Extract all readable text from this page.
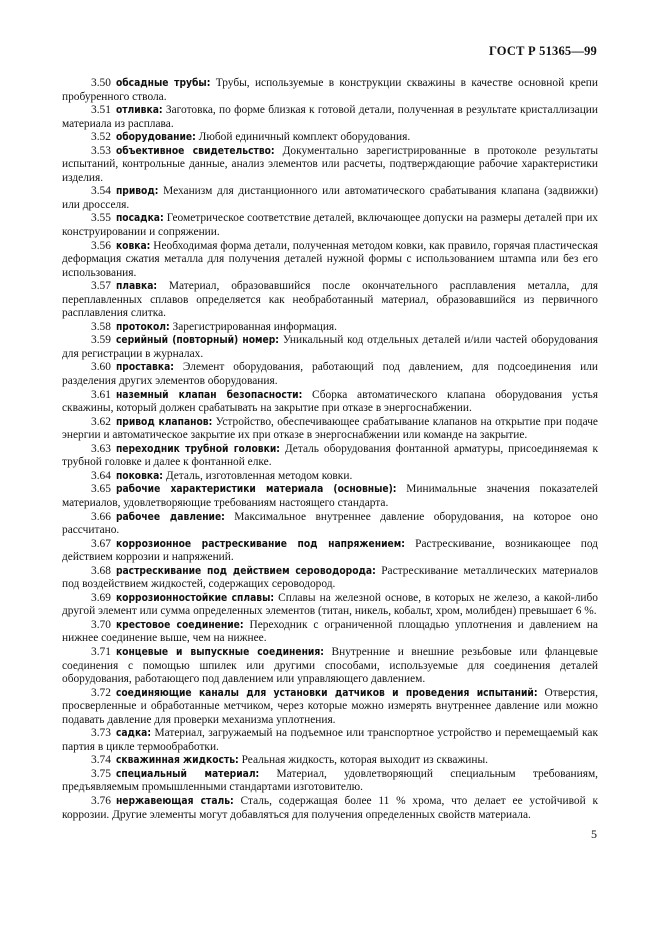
ГОСТ Р 51365—99

3.50 обсадные трубы: Трубы, используемые в конструкции скважины в качестве основной крепи пробуренного ствола.

3.51 отливка: Заготовка, по форме близкая к готовой детали, полученная в результате кристаллизации материала из расплава.

3.52 оборудование: Любой единичный комплект оборудования.

3.53 объективное свидетельство: Документально зарегистрированные в протоколе результаты испытаний, контрольные данные, анализ элементов или расчеты, подтверждающие рабочие характеристики изделия.

3.54 привод: Механизм для дистанционного или автоматического срабатывания клапана (задвижки) или дросселя.

3.55 посадка: Геометрическое соответствие деталей, включающее допуски на размеры деталей при их конструировании и сопряжении.

3.56 ковка: Необходимая форма детали, полученная методом ковки, как правило, горячая пластическая деформация сжатия металла для получения деталей нужной формы с использованием штампа или без его использования.

3.57 плавка: Материал, образовавшийся после окончательного расплавления металла, для переплавленных сплавов определяется как необработанный материал, образовавшийся из первичного расплавления слитка.

3.58 протокол: Зарегистрированная информация.

3.59 серийный (повторный) номер: Уникальный код отдельных деталей и/или частей оборудования для регистрации в журналах.

3.60 проставка: Элемент оборудования, работающий под давлением, для подсоединения или разделения других элементов оборудования.

3.61 наземный клапан безопасности: Сборка автоматического клапана оборудования устья скважины, который должен срабатывать на закрытие при отказе в энергоснабжении.

3.62 привод клапанов: Устройство, обеспечивающее срабатывание клапанов на открытие при подаче энергии и автоматическое закрытие их при отказе в энергоснабжении или команде на закрытие.

3.63 переходник трубной головки: Деталь оборудования фонтанной арматуры, присоединяемая к трубной головке и далее к фонтанной елке.

3.64 поковка: Деталь, изготовленная методом ковки.

3.65 рабочие характеристики материала (основные): Минимальные значения показателей материалов, удовлетворяющие требованиям настоящего стандарта.

3.66 рабочее давление: Максимальное внутреннее давление оборудования, на которое оно рассчитано.

3.67 коррозионное растрескивание под напряжением: Растрескивание, возникающее под действием коррозии и напряжений.

3.68 растрескивание под действием сероводорода: Растрескивание металлических материалов под воздействием жидкостей, содержащих сероводород.

3.69 коррозионностойкие сплавы: Сплавы на железной основе, в которых не железо, а какой-либо другой элемент или сумма определенных элементов (титан, никель, кобальт, хром, молибден) превышает 6 %.

3.70 крестовое соединение: Переходник с ограниченной площадью уплотнения и давлением на нижнее соединение выше, чем на нижнее.

3.71 концевые и выпускные соединения: Внутренние и внешние резьбовые или фланцевые соединения с помощью шпилек или другими способами, используемые для соединения деталей оборудования, работающего под давлением или управляющего давлением.

3.72 соединяющие каналы для установки датчиков и проведения испытаний: Отверстия, просверленные и обработанные метчиком, через которые можно измерять внутреннее давление или можно подавать давление для проверки механизма уплотнения.

3.73 садка: Материал, загружаемый на подъемное или транспортное устройство и перемещаемый как партия в цикле термообработки.

3.74 скважинная жидкость: Реальная жидкость, которая выходит из скважины.

3.75 специальный материал: Материал, удовлетворяющий специальным требованиям, предъявляемым промышленными стандартами изготовителю.

3.76 нержавеющая сталь: Сталь, содержащая более 11 % хрома, что делает ее устойчивой к коррозии. Другие элементы могут добавляться для получения определенных свойств материала.

5
